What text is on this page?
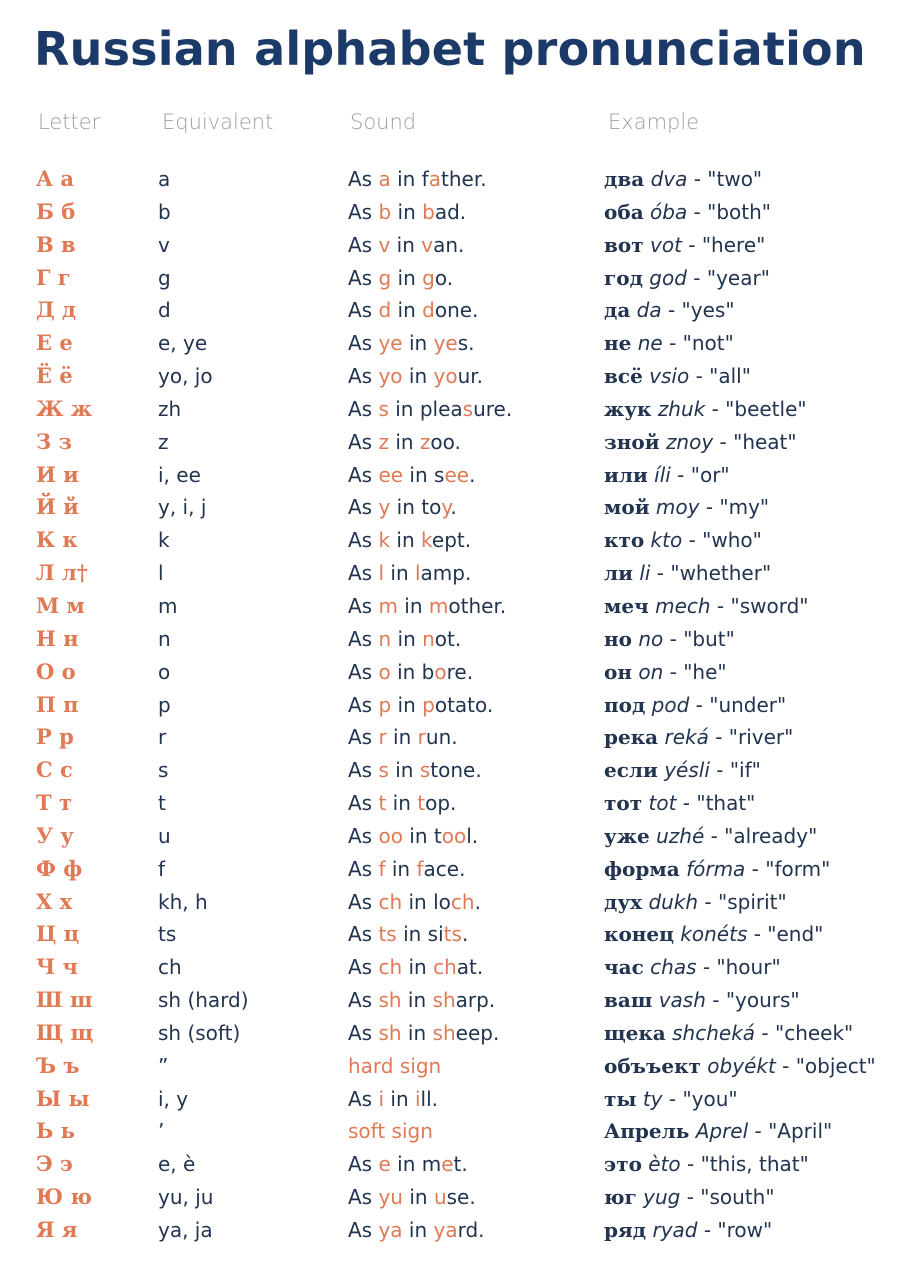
Russian alphabet pronunciation
Letter	Equivalent	Sound	Example
А а	a	As a in father.	два dva - "two"
Б б	b	As b in bad.	оба óba - "both"
В в	v	As v in van.	вот vot - "here"
Г г	g	As g in go.	год god - "year"
Д д	d	As d in done.	да da - "yes"
Е е	e, ye	As ye in yes.	не ne - "not"
Ё ё	yo, jo	As yo in your.	всё vsio - "all"
Ж ж	zh	As s in pleasure.	жук zhuk - "beetle"
З з	z	As z in zoo.	зной znoy - "heat"
И и	i, ee	As ee in see.	или íli - "or"
Й й	y, i, j	As y in toy.	мой moy - "my"
К к	k	As k in kept.	кто kto - "who"
Л л†	l	As l in lamp.	ли li - "whether"
М м	m	As m in mother.	меч mech - "sword"
Н н	n	As n in not.	но no - "but"
О о	o	As o in bore.	он on - "he"
П п	p	As p in potato.	под pod - "under"
Р р	r	As r in run.	река reká - "river"
С с	s	As s in stone.	если yésli - "if"
Т т	t	As t in top.	тот tot - "that"
У у	u	As oo in tool.	уже uzhé - "already"
Ф ф	f	As f in face.	форма fórma - "form"
Х х	kh, h	As ch in loch.	дух dukh - "spirit"
Ц ц	ts	As ts in sits.	конец konéts - "end"
Ч ч	ch	As ch in chat.	час chas - "hour"
Ш ш	sh (hard)	As sh in sharp.	ваш vash - "yours"
Щ щ	sh (soft)	As sh in sheep.	щека shcheká - "cheek"
Ъ ъ	”	hard sign	объъект obyékt - "object"
Ы ы	i, y	As i in ill.	ты ty - "you"
Ь ь	’	soft sign	Апрель Aprel - "April"
Э э	e, è	As e in met.	это èto - "this, that"
Ю ю	yu, ju	As yu in use.	юг yug - "south"
Я я	ya, ja	As ya in yard.	ряд ryad - "row"
